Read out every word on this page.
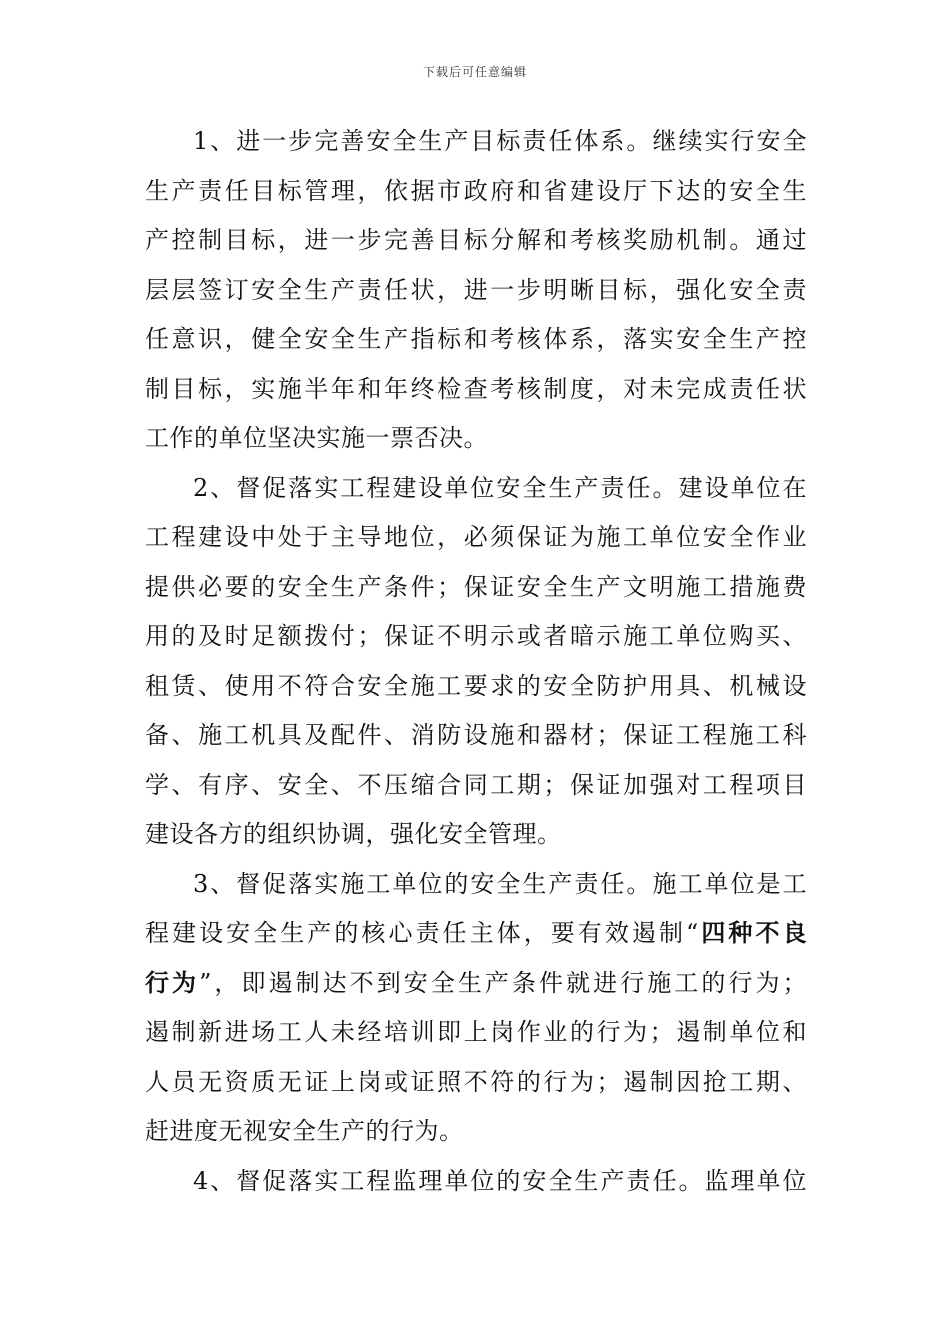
下载后可任意编辑
1、进一步完善安全生产目标责任体系。继续实行安全
生产责任目标管理，依据市政府和省建设厅下达的安全生
产控制目标，进一步完善目标分解和考核奖励机制。通过
层层签订安全生产责任状，进一步明晰目标，强化安全责
任意识，健全安全生产指标和考核体系，落实安全生产控
制目标，实施半年和年终检查考核制度，对未完成责任状
工作的单位坚决实施一票否决。
2、督促落实工程建设单位安全生产责任。建设单位在
工程建设中处于主导地位，必须保证为施工单位安全作业
提供必要的安全生产条件；保证安全生产文明施工措施费
用的及时足额拨付；保证不明示或者暗示施工单位购买、
租赁、使用不符合安全施工要求的安全防护用具、机械设
备、施工机具及配件、消防设施和器材；保证工程施工科
学、有序、安全、不压缩合同工期；保证加强对工程项目
建设各方的组织协调，强化安全管理。
3、督促落实施工单位的安全生产责任。施工单位是工
程建设安全生产的核心责任主体，要有效遏制“四种不良
行为”，即遏制达不到安全生产条件就进行施工的行为；
遏制新进场工人未经培训即上岗作业的行为；遏制单位和
人员无资质无证上岗或证照不符的行为；遏制因抢工期、
赶进度无视安全生产的行为。
4、督促落实工程监理单位的安全生产责任。监理单位
